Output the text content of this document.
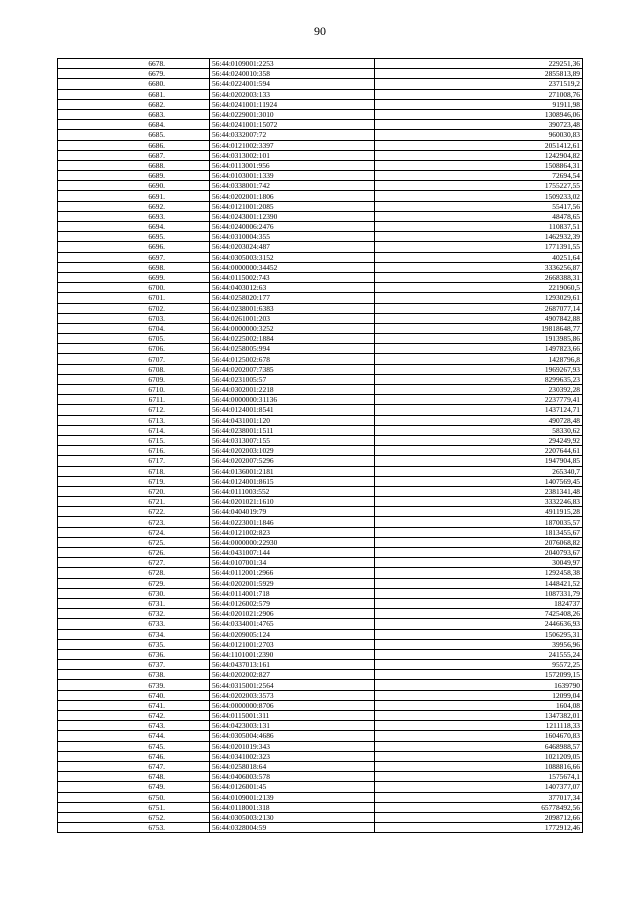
90
6678.	56:44:0109001:2253	229251,36
6679.	56:44:0240010:358	2855813,89
6680.	56:44:0224001:594	2371519,2
6681.	56:44:0202003:133	271008,76
6682.	56:44:0241001:11924	91911,98
6683.	56:44:0229001:3010	1308946,06
6684.	56:44:0241001:15072	390723,48
6685.	56:44:0332007:72	960030,83
6686.	56:44:0121002:3397	2051412,61
6687.	56:44:0313002:101	1242904,82
6688.	56:44:0113001:956	1508864,31
6689.	56:44:0103001:1339	72694,54
6690.	56:44:0338001:742	1755227,55
6691.	56:44:0202001:1806	1509233,02
6692.	56:44:0121001:2085	55417,56
6693.	56:44:0243001:12390	48478,65
6694.	56:44:0240006:2476	110837,51
6695.	56:44:0310004:355	1462932,39
6696.	56:44:0203024:487	1771391,55
6697.	56:44:0305003:3152	40251,64
6698.	56:44:0000000:34452	3336256,87
6699.	56:44:0115002:743	2668388,31
6700.	56:44:0403012:63	2219060,5
6701.	56:44:0258020:177	1293029,61
6702.	56:44:0238001:6383	2687077,14
6703.	56:44:0261001:203	4907842,88
6704.	56:44:0000000:3252	19818648,77
6705.	56:44:0225002:1884	1913985,86
6706.	56:44:0258005:994	1497823,66
6707.	56:44:0125002:678	1428796,8
6708.	56:44:0202007:7385	1969267,93
6709.	56:44:0231005:57	8299635,23
6710.	56:44:0302001:2218	230392,28
6711.	56:44:0000000:31136	2237779,41
6712.	56:44:0124001:8541	1437124,71
6713.	56:44:0431001:120	490728,48
6714.	56:44:0238001:1511	58330,62
6715.	56:44:0313007:155	294249,92
6716.	56:44:0202003:1029	2207644,61
6717.	56:44:0202007:5296	1947904,85
6718.	56:44:0136001:2181	265340,7
6719.	56:44:0124001:8615	1407569,45
6720.	56:44:0111003:552	2381341,48
6721.	56:44:0201021:1610	3332246,83
6722.	56:44:0404019:79	4911915,28
6723.	56:44:0223001:1846	1870035,57
6724.	56:44:0121002:823	1813455,67
6725.	56:44:0000000:22930	2076068,82
6726.	56:44:0431007:144	2040793,67
6727.	56:44:0107001:34	30049,97
6728.	56:44:0112001:2966	1292458,38
6729.	56:44:0202001:5929	1448421,52
6730.	56:44:0114001:718	1087331,79
6731.	56:44:0126002:579	1824737
6732.	56:44:0201021:2906	7425408,26
6733.	56:44:0334001:4765	2446636,93
6734.	56:44:0209005:124	1506295,31
6735.	56:44:0121001:2703	39956,96
6736.	56:44:1101001:2390	241555,24
6737.	56:44:0437013:161	95572,25
6738.	56:44:0202002:827	1572099,15
6739.	56:44:0315001:2564	1639790
6740.	56:44:0202003:3573	12099,04
6741.	56:44:0000000:8706	1604,08
6742.	56:44:0115001:311	1347382,01
6743.	56:44:0423003:131	1211118,33
6744.	56:44:0305004:4686	1604670,83
6745.	56:44:0201019:343	6468988,57
6746.	56:44:0341002:323	1021209,05
6747.	56:44:0258018:64	1088816,66
6748.	56:44:0406003:578	1575674,1
6749.	56:44:0126001:45	1407377,07
6750.	56:44:0109001:2139	377017,34
6751.	56:44:0118001:318	65778492,56
6752.	56:44:0305003:2130	2098712,66
6753.	56:44:0328004:59	1772912,46
